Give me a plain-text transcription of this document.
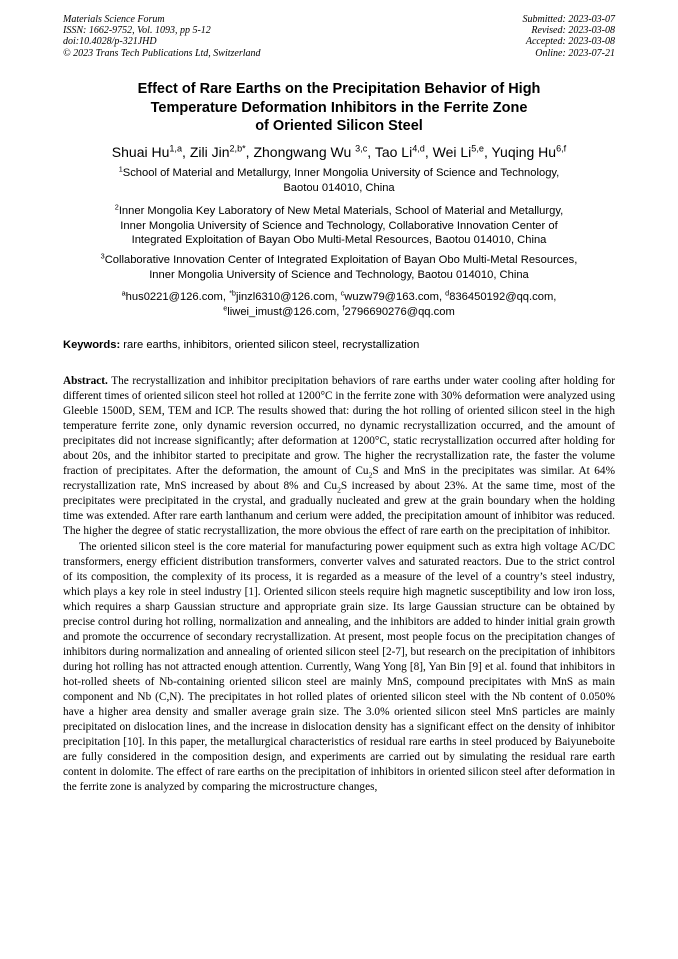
Materials Science Forum
ISSN: 1662-9752, Vol. 1093, pp 5-12
doi:10.4028/p-321JHD
© 2023 Trans Tech Publications Ltd, Switzerland
Submitted: 2023-03-07
Revised: 2023-03-08
Accepted: 2023-03-08
Online: 2023-07-21
Effect of Rare Earths on the Precipitation Behavior of High
Temperature Deformation Inhibitors in the Ferrite Zone
of Oriented Silicon Steel
Shuai Hu$^{1,a}$, Zili Jin$^{2,b*}$, Zhongwang Wu $^{3,c}$, Tao Li$^{4,d}$, Wei Li$^{5,e}$, Yuqing Hu$^{6,f}$
$^1$School of Material and Metallurgy, Inner Mongolia University of Science and Technology,
Baotou 014010, China
$^2$Inner Mongolia Key Laboratory of New Metal Materials, School of Material and Metallurgy,
Inner Mongolia University of Science and Technology, Collaborative Innovation Center of
Integrated Exploitation of Bayan Obo Multi-Metal Resources, Baotou 014010, China
$^3$Collaborative Innovation Center of Integrated Exploitation of Bayan Obo Multi-Metal Resources,
Inner Mongolia University of Science and Technology, Baotou 014010, China
$^a$hus0221@126.com, $^{*b}$jinzl6310@126.com, $^c$wuzw79@163.com, $^d$836450192@qq.com,
$^e$liwei_imust@126.com, $^f$2796690276@qq.com
Keywords: rare earths, inhibitors, oriented silicon steel, recrystallization

Abstract. The recrystallization and inhibitor precipitation behaviors of rare earths under water cooling after holding for different times of oriented silicon steel hot rolled at 1200°C in the ferrite zone with 30% deformation were analyzed using Gleeble 1500D, SEM, TEM and ICP. The results showed that: during the hot rolling of oriented silicon steel in the high temperature ferrite zone, only dynamic reversion occurred, no dynamic recrystallization occurred, and the amount of precipitates did not increase significantly; after deformation at 1200°C, static recrystallization occurred after holding for about 20s, and the inhibitor started to precipitate and grow. The higher the recrystallization rate, the faster the volume fraction of precipitates. After the deformation, the amount of $Cu_2S$ and MnS in the precipitates was similar. At 64% recrystallization rate, MnS increased by about 8% and $Cu_2S$ increased by about 23%. At the same time, most of the precipitates were precipitated in the crystal, and gradually nucleated and grew at the grain boundary when the holding time was extended. After rare earth lanthanum and cerium were added, the precipitation amount of inhibitor was reduced. The higher the degree of static recrystallization, the more obvious the effect of rare earth on the precipitation of inhibitor.

The oriented silicon steel is the core material for manufacturing power equipment such as extra high voltage AC/DC transformers, energy efficient distribution transformers, converter valves and saturated reactors. Due to the strict control of its composition, the complexity of its process, it is regarded as a measure of the level of a country’s steel industry, which plays a key role in steel industry [1]. Oriented silicon steels require high magnetic susceptibility and low iron loss, which requires a sharp Gaussian structure and appropriate grain size. Its large Gaussian structure can be obtained by precise control during hot rolling, normalization and annealing, and the inhibitors are added to hinder initial grain growth and promote the occurrence of secondary recrystallization. At present, most people focus on the precipitation changes of inhibitors during normalization and annealing of oriented silicon steel [2-7], but research on the precipitation of inhibitors during hot rolling has not attracted enough attention. Currently, Wang Yong [8], Yan Bin [9] et al. found that inhibitors in hot-rolled sheets of Nb-containing oriented silicon steel are mainly MnS, compound precipitates with MnS as main component and Nb (C,N). The precipitates in hot rolled plates of oriented silicon steel with the Nb content of 0.050% have a higher area density and smaller average grain size. The 3.0% oriented silicon steel MnS particles are mainly precipitated on dislocation lines, and the increase in dislocation density has a significant effect on the density of inhibitor precipitation [10]. In this paper, the metallurgical characteristics of residual rare earths in steel produced by Baiyuneboite are fully considered in the composition design, and experiments are carried out by simulating the residual rare earth content in dolomite. The effect of rare earths on the precipitation of inhibitors in oriented silicon steel after deformation in the ferrite zone is analyzed by comparing the microstructure changes,
